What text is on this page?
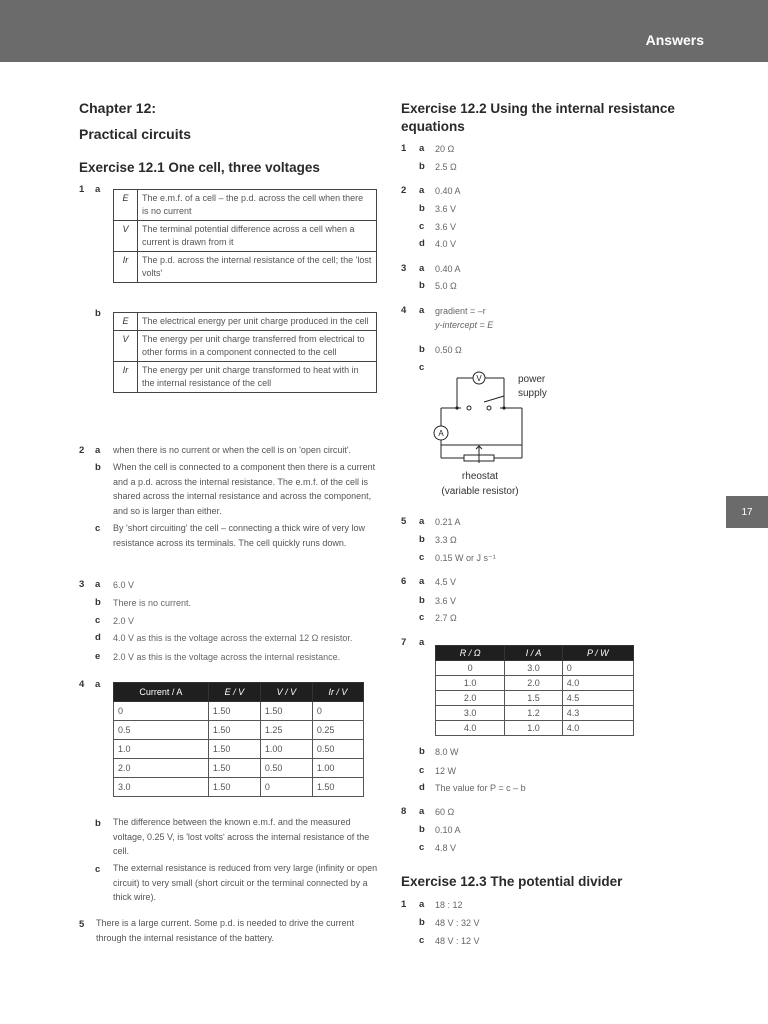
Answers
17
Chapter 12:
Practical circuits
Exercise 12.1 One cell, three voltages
1 a
E	The e.m.f. of a cell – the p.d. across the cell when there is no current
V	The terminal potential difference across a cell when a current is drawn from it
Ir	The p.d. across the internal resistance of the cell; the 'lost volts'
b
E	The electrical energy per unit charge produced in the cell
V	The energy per unit charge transferred from electrical to other forms in a component connected to the cell
Ir	The energy per unit charge transformed to heat with in the internal resistance of the cell
2 a when there is no current or when the cell is on 'open circuit'.
b When the cell is connected to a component then there is a current and a p.d. across the internal resistance. The e.m.f. of the cell is shared across the internal resistance and across the component, and so is larger than either.
c By 'short circuiting' the cell – connecting a thick wire of very low resistance across its terminals. The cell quickly runs down.
3 a 6.0 V
b There is no current.
c 2.0 V
d 4.0 V as this is the voltage across the external 12 Ω resistor.
e 2.0 V as this is the voltage across the internal resistance.
4 a
Current / A	E / V	V / V	Ir / V
0	1.50	1.50	0
0.5	1.50	1.25	0.25
1.0	1.50	1.00	0.50
2.0	1.50	0.50	1.00
3.0	1.50	0	1.50
b The difference between the known e.m.f. and the measured voltage, 0.25 V, is 'lost volts' across the internal resistance of the cell.
c The external resistance is reduced from very large (infinity or open circuit) to very small (short circuit or the terminal connected by a thick wire).
5 There is a large current. Some p.d. is needed to drive the current through the internal resistance of the battery.
Exercise 12.2 Using the internal resistance equations
1 a 20 Ω
b 2.5 Ω
2 a 0.40 A
b 3.6 V
c 3.6 V
d 4.0 V
3 a 0.40 A
b 5.0 Ω
4 a gradient = –r
y-intercept = E
b 0.50 Ω
c
V
A
power
supply
rheostat
(variable resistor)
5 a 0.21 A
b 3.3 Ω
c 0.15 W or J s⁻¹
6 a 4.5 V
b 3.6 V
c 2.7 Ω
7 a
R / Ω	I / A	P / W
0	3.0	0
1.0	2.0	4.0
2.0	1.5	4.5
3.0	1.2	4.3
4.0	1.0	4.0
b 8.0 W
c 12 W
d The value for P = c – b
8 a 60 Ω
b 0.10 A
c 4.8 V
Exercise 12.3 The potential divider
1 a 18 : 12
b 48 V : 32 V
c 48 V : 12 V
